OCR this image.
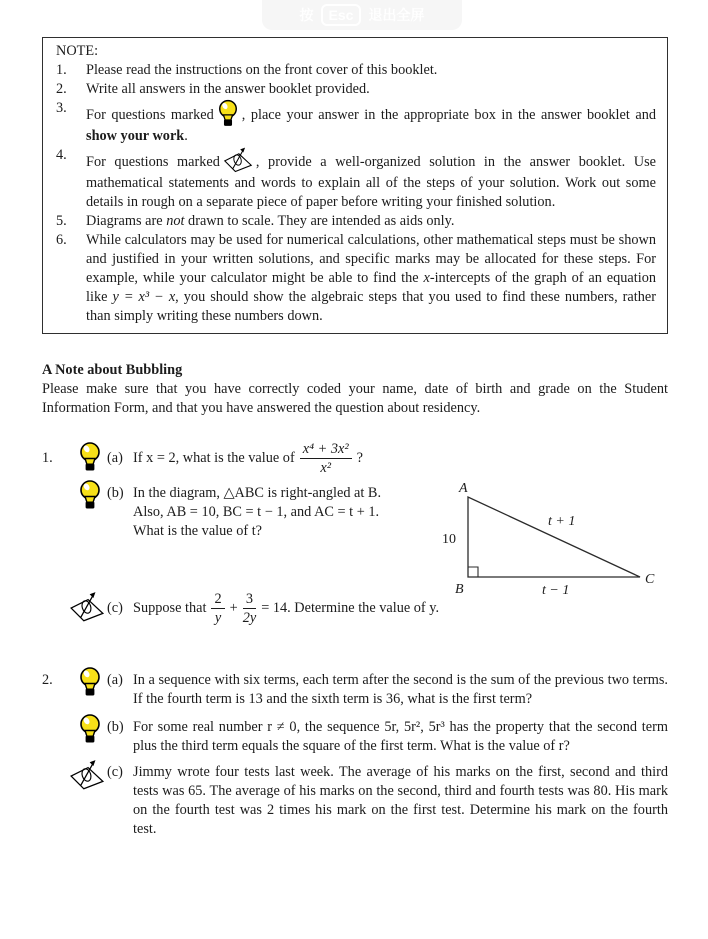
按	Esc	退出全屏
NOTE:
1.	Please read the instructions on the front cover of this booklet.
2.	Write all answers in the answer booklet provided.
3.	For questions marked , place your answer in the appropriate box in the answer booklet and show your work.
4.	For questions marked	, provide a well-organized solution in the answer booklet. Use mathematical statements and words to explain all of the steps of your solution. Work out some details in rough on a separate piece of paper before writing your finished solution.
5.	Diagrams are not drawn to scale. They are intended as aids only.
6.	While calculators may be used for numerical calculations, other mathematical steps must be shown and justified in your written solutions, and specific marks may be allocated for these steps. For example, while your calculator might be able to find the x-intercepts of the graph of an equation like y = x³ − x, you should show the algebraic steps that you used to find these numbers, rather than simply writing these numbers down.
A Note about Bubbling
Please make sure that you have correctly coded your name, date of birth and grade on the Student Information Form, and that you have answered the question about residency.
1.	(a) If x = 2, what is the value of $\frac{\text{x⁴ + 3x²}}{\text{x²}}$ ?
(b) In the diagram, △ABC is right-angled at B.
Also, AB = 10, BC = t − 1, and AC = t + 1.
What is the value of t?
(c) Suppose that $\frac{2}{y} + \frac{3}{2y} = 14$. Determine the value of y.
A
B
C
10
t + 1
t − 1
2.	(a) In a sequence with six terms, each term after the second is the sum of the previous two terms. If the fourth term is 13 and the sixth term is 36, what is the first term?
(b) For some real number r ≠ 0, the sequence 5r, 5r², 5r³ has the property that the second term plus the third term equals the square of the first term. What is the value of r?
(c) Jimmy wrote four tests last week. The average of his marks on the first, second and third tests was 65. The average of his marks on the second, third and fourth tests was 80. His mark on the fourth test was 2 times his mark on the first test. Determine his mark on the fourth test.
